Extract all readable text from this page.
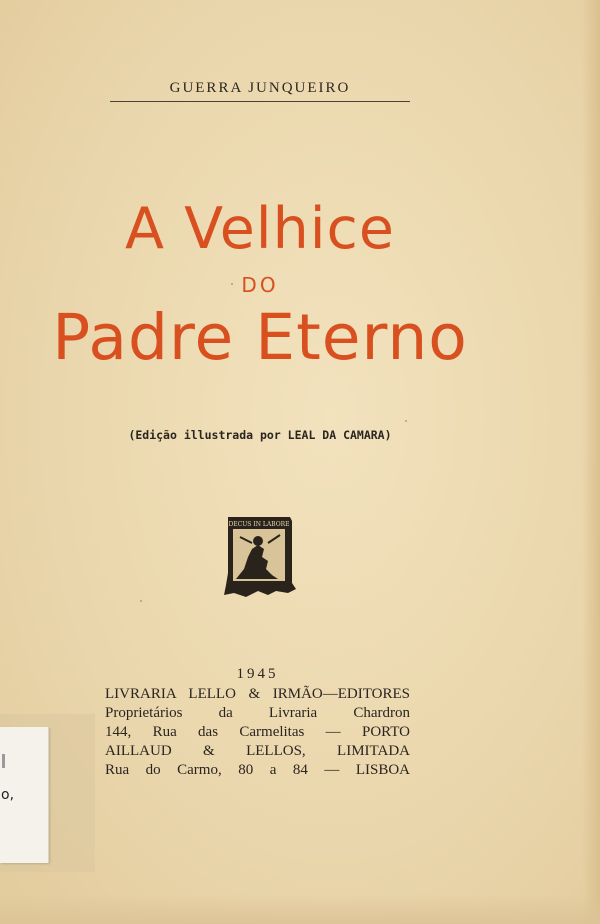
o,
GUERRA JUNQUEIRO
A Velhice
DO
Padre Eterno
(Edição illustrada por LEAL DA CAMARA)
DECUS IN LABORE
1945
LIVRARIA LELLO & IRMÃO—EDITORES
Proprietários da Livraria Chardron
144, Rua das Carmelitas — PORTO
AILLAUD & LELLOS, LIMITADA
Rua do Carmo, 80 a 84 — LISBOA
